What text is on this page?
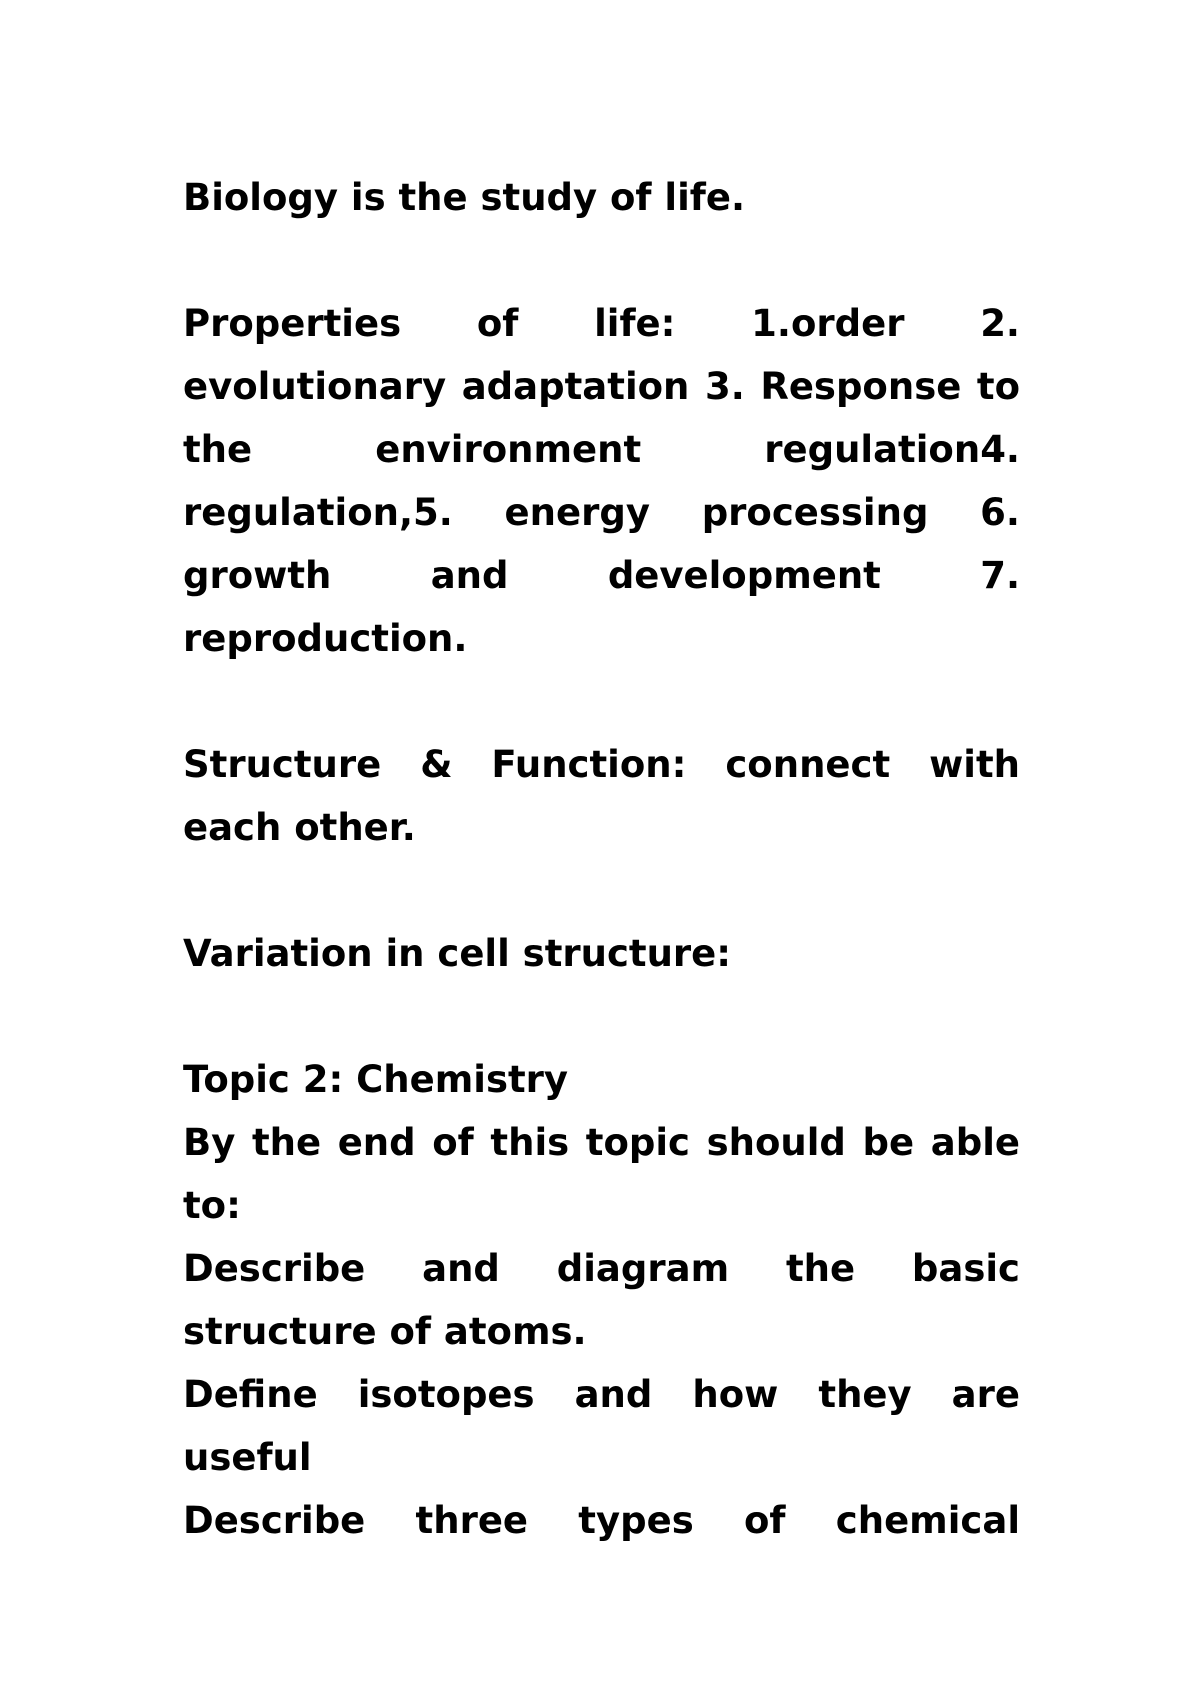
Biology is the study of life.

Properties of life: 1.order 2. evolutionary adaptation 3. Response to the environment regulation4. regulation,5. energy processing 6. growth and development 7. reproduction.

Structure & Function: connect with each other.

Variation in cell structure:

Topic 2: Chemistry

By the end of this topic should be able to:

Describe and diagram the basic structure of atoms.

Define isotopes and how they are useful

Describe three types of chemical
